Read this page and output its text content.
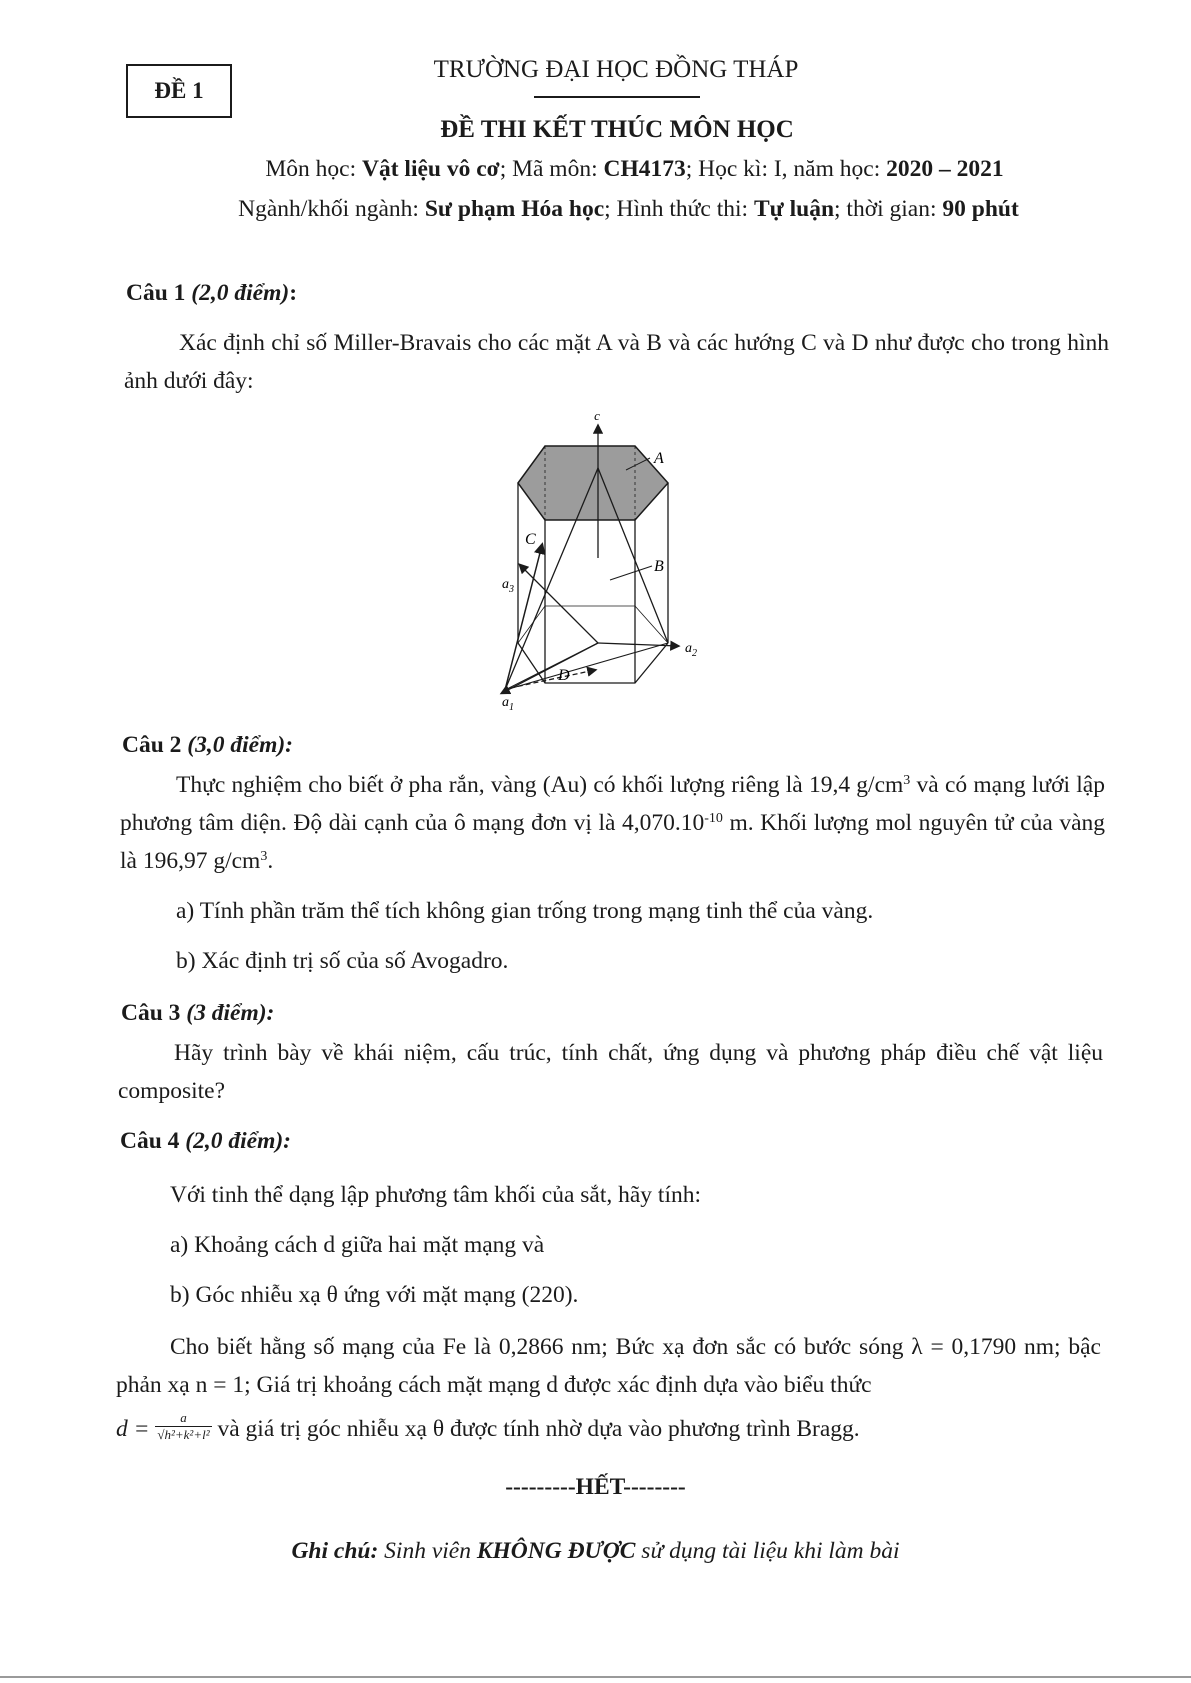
ĐỀ 1
TRƯỜNG ĐẠI HỌC ĐỒNG THÁP
ĐỀ THI KẾT THÚC MÔN HỌC
Môn học: Vật liệu vô cơ; Mã môn: CH4173; Học kì: I, năm học: 2020 – 2021
Ngành/khối ngành: Sư phạm Hóa học; Hình thức thi: Tự luận; thời gian: 90 phút
Câu 1 (2,0 điểm):
Xác định chỉ số Miller-Bravais cho các mặt A và B và các hướng C và D như được cho trong hình ảnh dưới đây:
c
A
B
C
D
$a_3$
$a_2$
$a_1$
Câu 2 (3,0 điểm):
Thực nghiệm cho biết ở pha rắn, vàng (Au) có khối lượng riêng là 19,4 $g/cm^3$ và có mạng lưới lập phương tâm diện. Độ dài cạnh của ô mạng đơn vị là $4,070.10^{-10}$ m. Khối lượng mol nguyên tử của vàng là 196,97 $g/cm^3$.
a) Tính phần trăm thể tích không gian trống trong mạng tinh thể của vàng.
b) Xác định trị số của số Avogadro.
Câu 3 (3 điểm):
Hãy trình bày về khái niệm, cấu trúc, tính chất, ứng dụng và phương pháp điều chế vật liệu composite?
Câu 4 (2,0 điểm):
Với tinh thể dạng lập phương tâm khối của sắt, hãy tính:
a) Khoảng cách d giữa hai mặt mạng và
b) Góc nhiễu xạ θ ứng với mặt mạng (220).
Cho biết hằng số mạng của Fe là 0,2866 nm; Bức xạ đơn sắc có bước sóng λ = 0,1790 nm; bậc phản xạ n = 1; Giá trị khoảng cách mặt mạng d được xác định dựa vào biểu thức
$d = \frac{a}{\text{√h²+k²+l²}}$ và giá trị góc nhiễu xạ θ được tính nhờ dựa vào phương trình Bragg.
---------HẾT--------
Ghi chú: Sinh viên KHÔNG ĐƯỢC sử dụng tài liệu khi làm bài
